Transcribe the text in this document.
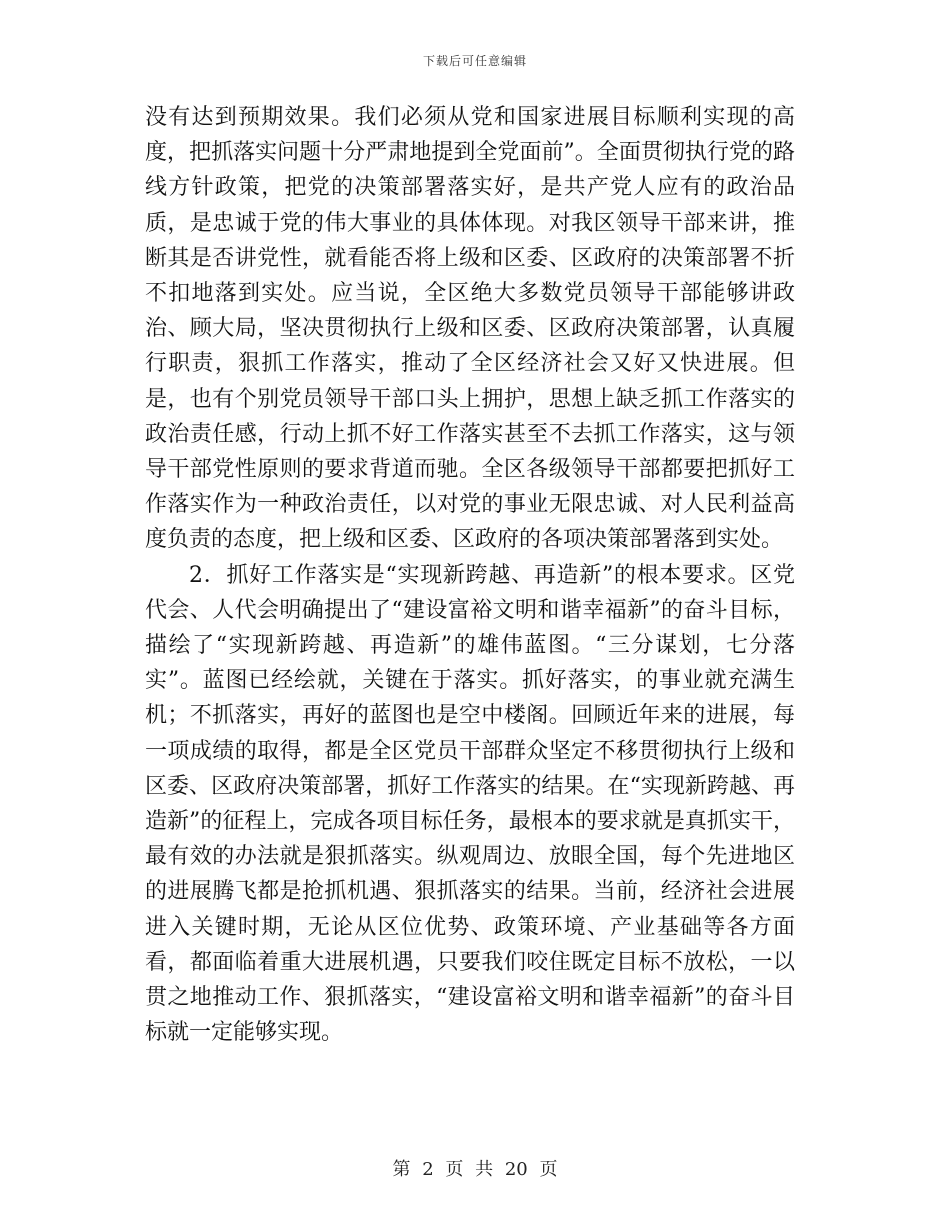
下载后可任意编辑

没有达到预期效果。我们必须从党和国家进展目标顺利实现的高度，把抓落实问题十分严肃地提到全党面前”。全面贯彻执行党的路线方针政策，把党的决策部署落实好，是共产党人应有的政治品质，是忠诚于党的伟大事业的具体体现。对我区领导干部来讲，推断其是否讲党性，就看能否将上级和区委、区政府的决策部署不折不扣地落到实处。应当说，全区绝大多数党员领导干部能够讲政治、顾大局，坚决贯彻执行上级和区委、区政府决策部署，认真履行职责，狠抓工作落实，推动了全区经济社会又好又快进展。但是，也有个别党员领导干部口头上拥护，思想上缺乏抓工作落实的政治责任感，行动上抓不好工作落实甚至不去抓工作落实，这与领导干部党性原则的要求背道而驰。全区各级领导干部都要把抓好工作落实作为一种政治责任，以对党的事业无限忠诚、对人民利益高度负责的态度，把上级和区委、区政府的各项决策部署落到实处。

2．抓好工作落实是“实现新跨越、再造新”的根本要求。区党代会、人代会明确提出了“建设富裕文明和谐幸福新”的奋斗目标，描绘了“实现新跨越、再造新”的雄伟蓝图。“三分谋划，七分落实”。蓝图已经绘就，关键在于落实。抓好落实，的事业就充满生机；不抓落实，再好的蓝图也是空中楼阁。回顾近年来的进展，每一项成绩的取得，都是全区党员干部群众坚定不移贯彻执行上级和区委、区政府决策部署，抓好工作落实的结果。在“实现新跨越、再造新”的征程上，完成各项目标任务，最根本的要求就是真抓实干，最有效的办法就是狠抓落实。纵观周边、放眼全国，每个先进地区的进展腾飞都是抢抓机遇、狠抓落实的结果。当前，经济社会进展进入关键时期，无论从区位优势、政策环境、产业基础等各方面看，都面临着重大进展机遇，只要我们咬住既定目标不放松，一以贯之地推动工作、狠抓落实，“建设富裕文明和谐幸福新”的奋斗目标就一定能够实现。

第 2 页 共 20 页
